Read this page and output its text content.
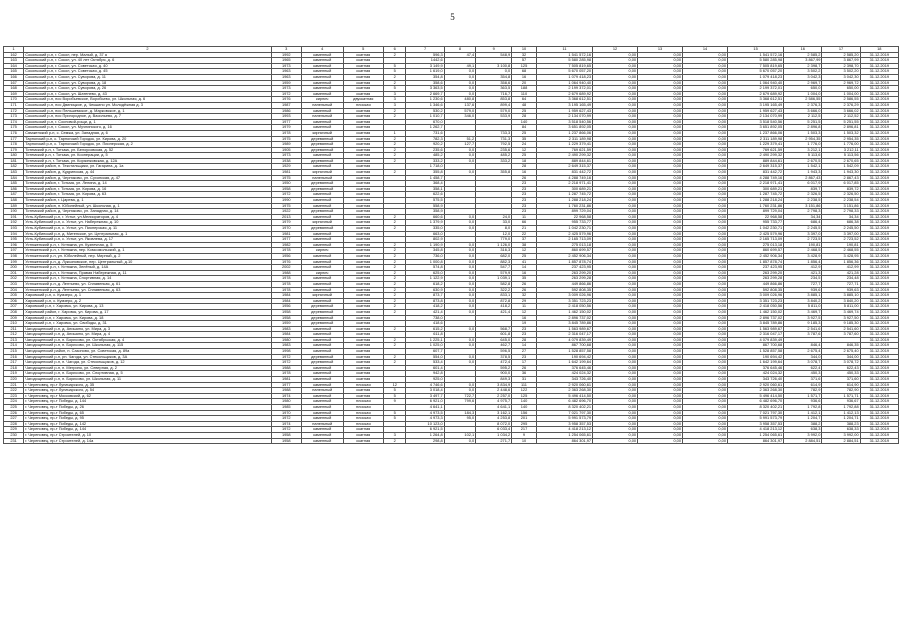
5
1	2	3	4	5	6	7	8	9	10	11	12	13	14	15	16	17	18
162	Сокольский р-н, г. Сокол, пер. Малый, д. 37 а	1992	каменный	скатная	2	596,3	47,4	548,9	32	1 541 572,16	0,00	0,00	0,00	1 541 572,16	2 585,2	2 585,20	31.12.2019
163	Сокольский р-н, г. Сокол, ул. 40 лет Октября, д. 6	1965	каменный	скатная		1442,6			57	5 580 285,98	0,00	0,00	0,00	5 580 285,98	3 867,99	3 867,99	31.12.2019
164	Сокольский р-н, г. Сокол, ул. Советская, д. 40	1973	каменный	скатная	5	3 149,9	49,1	3 100,8	125	7 505 819,65	0,00	0,00	0,00	7 505 819,65	2 398,7	2 398,70	31.12.2019
165	Сокольский р-н, г. Сокол, ул. Советская, д. 45	1963	каменный	скатная	5	1 619,0	0,0	0,0	68	5 670 057,20	0,00	0,00	0,00	5 670 057,20	3 502,2	3 502,20	31.12.2019
166	Сокольский р-н, г. Сокол, ул. Суворова, д. 11	1963	каменный	скатная	2	354,8	0,0	354,8	16	1 079 418,23	0,00	0,00	0,00	1 079 418,23	3 042,3	3 042,30	31.12.2019
167	Сокольский р-н, г. Сокол, ул. Суворова, д. 18	1959	каменный	скатная	2	358,6	0,0	358,6	20	1 064 940,40	0,00	0,00	0,00	1 064 940,40	2 969,7	2 969,72	31.12.2019
168	Сокольский р-н, г. Сокол, ул. Суворова, д. 26	1973	каменный	скатная	5	3 363,5	0,0	363,5	188	2 199 372,01	0,00	0,00	0,00	2 199 372,01	650,0	650,00	31.12.2019
169	Сокольский р-н, г. Сокол, ул. Шатенево, д. 43	1972	каменный	скатная	3	2 669,7	0,0	716,7	110	2 679 689,92	0,00	0,00	0,00	2 679 689,92	1 004,0	1 004,00	31.12.2019
170	Сокольский р-н, пос Воробьевское, Воробьево, ул. Школьная, д. 6	1976	кирпич	двускатная	3	1 230,6	480,8	853,8	64	3 368 612,51	0,00	0,00	0,00	3 368 612,51	2 586,55	2 586,55	31.12.2019
171	Сокольский р-н, пос Двиницкое, д. Чекшино ул. Молодёжная д. 3	1987	панельный	плоская	3	1 346,6	137,6	899,4	48	3 195 165,49	0,00	0,00	0,00	3 195 165,49	2 376,3	2 376,29	31.12.2019
172	Сокольский р-н, пос Пельшемское, д. Марковское, д. 1	1986	каменный	скатная	2	530,2	579,0	579,0	25	1 959 627,43	0,00	0,00	0,00	1 959 627,43	3 666,0	3 666,02	31.12.2019
173	Сокольский р-н, пос Пригородное, д. Васильево, д. 7	1993	панельный	скатная	2	1 010,7	346,0	533,9	28	2 134 070,99	0,00	0,00	0,00	2 134 070,99	2 112,5	2 112,52	31.12.2019
174	Сокольский р-н, г. Сосновой-рощи, д. 1	1977	каменный	скатная		670,0			140	3 518 540,56	0,00	0,00	0,00	3 518 540,56	5 251,5	5 251,55	31.12.2019
175	Сокольский р-н, г. Сокол, ул. Мучнинского, д. 16	1979	каменный	скатная		1 262,7			84	3 651 892,05	0,00	0,00	0,00	3 651 892,05	2 896,8	2 896,81	31.12.2019
176	Сямженский р-н, с. Семжа, ул. Западная, д. 6	1978	кирпичный	скатная	1	731,6		733,3	25	1 237 866,06	0,00	0,00	0,00	1 237 866,06	1 503,3	1 503,32	31.12.2019
177	Тарногский р-н, с. Тарногский Городок, ул. Кирова, д. 20	1975	деревянный	скатная	2	782,3	51,2	731,3	35	2 311 189,98	0,00	0,00	0,00	2 311 189,98	2 954,35	2 954,35	31.12.2019
178	Тарногский р-н, с. Тарногский Городок, ул. Пионерская, д. 2	1989	деревянный	скатная	2	920,2	127,7	792,5	24	1 229 379,41	0,00	0,00	0,00	1 229 379,41	1 776,0	1 776,00	31.12.2019
179	Тотемский р-н, г. Тотьма, ул. Белоусовская, д. 52	1905	деревянный	скатная	2	235,6	0,0	235,6	12	769 621,59	0,00	0,00	0,00	769 621,59	3 212,1	3 212,11	31.12.2019
180	Тотемский р-н, г. Тотьма, ул. Кооперации, д. 5	1973	каменный	скатная	2	485,2	0,0	485,2	25	2 490 299,32	0,00	0,00	0,00	2 490 299,32	5 113,6	5 113,56	31.12.2019
181	Тотемский р-н, г. Тотьма, ул. Корзинковская, д. 12А	1938	деревянный	скатная	2	333,2	0,0	333,2	18	889 844,61	0,00	0,00	0,00	889 844,61	2 670,5	2 670,65	31.12.2019
182	Тотемский район, п. Текстильщики, ул. Гагарина, д. 1а	1929	каменный	скатная		1 718,0			28	2 649 315,37	0,00	0,00	0,00	2 649 315,37	1 542,1	1 542,09	31.12.2019
183	Тотемский район, д. Кудринская, д. 44	1981	кирпичный	скатная	2	355,8	0,0	355,8	16	831 442,72	0,00	0,00	0,00	831 442,72	1 943,3	1 943,30	31.12.2019
184	Тотемский район, д. Черняково, ул. Сухонская, д. 47	1975	панельный	скатная		1 458,7			26	4 288 749,16	0,00	0,00	0,00	4 288 749,16	2 867,43	2 867,43	31.12.2019
185	Тотемский район, г. Тотьма, ул. Ленина, д. 14	1950	деревянный	скатная		368,4			23	2 218 971,41	0,00	0,00	0,00	2 218 971,41	6 017,9	6 017,85	31.12.2019
186	Тотемский район, г. Тотьма, ул. Кирова, д. 16	1958	деревянный	скатная		358,1			23	300 689,21	0,00	0,00	0,00	300 689,21	839,7	839,72	31.12.2019
187	Тотемский район, г. Тотьма, ул. Кирова, д. 63	1972	каменный	скатная		622,6			23	1 287 745,72	0,00	0,00	0,00	1 287 745,72	2 326,5	2 326,50	31.12.2019
188	Тотемский район, г. Царева, д. 1	1990	каменный	скатная		575,5			23	1 288 218,24	0,00	0,00	0,00	1 288 218,24	2 238,5	2 238,54	31.12.2019
189	Тотемский район, п. Юбилейный, ул. Школьная, д. 1	1975	каменный	скатная		558,9			23	1 760 231,86	0,00	0,00	0,00	1 760 231,86	3 151,86	3 151,86	31.12.2019
190	Тотемский район, д. Черняково, ул. Западная, д. 14	1922	деревянный	скатная		358,9			23	899 729,04	0,00	0,00	0,00	899 729,04	2 798,3	2 798,33	31.12.2019
191	Усть-Кубинский р-н, г. Устье, ул.Мелиораторов, д. 4	2013	каменный	скатная	2	660,6	0,0	24,0	11	22 968,58	0,00	0,00	0,00	22 968,58	34,34	34,34	31.12.2019
192	Усть-Кубинский р-н, с. Устье, ул. Набережная, д. 10	1979	кирпичный	скатная	2	1 379,9	0,0	33,0	66	955 733,77	0,00	0,00	0,00	955 733,77	686,4	686,38	31.12.2019
193	Усть-Кубинский р-н, с. Устье, ул. Пионерская, д. 11	1970	деревянный	скатная	2	335,0	0,0	8,0	21	1 042 230,71	0,00	0,00	0,00	1 042 230,71	2 245,5	2 245,50	31.12.2019
194	Усть-Кубинский р-н, д. Митенское, ул. Центральная, д. 1	1981	каменный	скатная		663,0		12,0	22	2 425 579,96	0,00	0,00	0,00	2 425 579,96	3 397,0	3 397,00	31.12.2019
195	Усть-Кубинский р-н, с. Устье, ул. Яковлева, д. 17	1977	каменный	скатная		802,9		779,0	37	2 165 713,09	0,00	0,00	0,00	2 165 713,09	2 723,5	2 723,52	31.12.2019
196	Устюженский р-н, г. Устюжна, ул. Кузнечная, д. 5	1982	каменный	скатная	2	1 190,9	0,0	1 126,0	38	275 013,18	0,00	0,00	0,00	275 013,18	190,81	190,81	31.12.2019
197	Устюженский р-н, г. Устюжна, пер. Комсомольский, д. 1	1978	кирпич	скатная	2	345,8	0,0	316,3	12	860 699,57	0,00	0,00	0,00	860 699,57	2 468,5	2 468,55	31.12.2019
198	Устюженский р-н, ул. Юбилейный, пер. Мирный, д. 2	1956	каменный	скатная	2	736,0	0,0	682,0	25	2 452 906,34	0,00	0,00	0,00	2 452 906,34	3 428,9	3 428,95	31.12.2019
199	Устюженский р-н, д. Лукьяновское, пер. Центральный, д.10	1976	каменный	скатная	2	1 000,8	0,0	882,3	41	1 857 878,74	0,00	0,00	0,00	1 857 878,74	1 856,4	1 856,36	31.12.2019
200	Устюженский р-н, г. Устюжна, Зелёный, д. 14А	2002	каменный	скатная	2	574,8	0,0	547,7	14	237 423,95	0,00	0,00	0,00	237 423,95	412,9	412,99	31.12.2019
201	Устюженский р-н, г. Устюжна, Правая Набережная, д. 11	1988	кирпич	скатная	2	625,0	0,0	579,9	16	263 299,20	0,00	0,00	0,00	263 299,20	421,3	421,28	31.12.2019
202	Устюженский р-н, г. Устюжна, Спортивная, д. 14	1978	каменный	скатная	2	1 122,9	0,0	1 039,1	35	263 299,28	0,00	0,00	0,00	263 299,28	234,5	234,48	31.12.2019
203	Устюженский р-н, д. Лентьево, ул. Сплавенкая, д. 61	1978	каменный	скатная	2	618,2	0,0	582,8	26	449 866,86	0,00	0,00	0,00	449 866,86	727,7	727,71	31.12.2019
204	Устюженский р-н, д. Лентьево, ул. Сплавенкая, д. 63	1978	каменный	скатная	2	630,9	0,0	322,2	26	592 808,35	0,00	0,00	0,00	592 808,35	939,6	939,63	31.12.2019
205	Харовский р-н, с. Кумзеро, д. 1	1984	кирпичный	скатная	2	873,7	0,0	833,1	32	3 009 026,96	0,00	0,00	0,00	3 009 026,96	3 885,1	3 885,10	31.12.2019
206	Харовский р-н, с. Кумзеро, д. 2	1984	каменный	скатная	2	873,8	0,0	872,8	29	3 351 723,23	0,00	0,00	0,00	3 351 723,23	3 840,2	3 840,20	31.12.2019
207	Харовский р-н, г. Харовск, ул. Кирова, д. 13	1956	деревянный	скатная	2	418,2	0,0	418,2	11	2 418 050,56	0,00	0,00	0,00	2 418 050,56	5 811,0	5 811,00	31.12.2019
208	Харовский район, г. Харовск, ул. Кирова, д. 17	1958	деревянный	скатная	2	421,4	0,0	421,4	12	1 462 150,02	0,00	0,00	0,00	1 462 150,02	3 469,7	3 469,74	31.12.2019
209	Харовский р-н, г. Харовск, ул. Кирова, д. 18	1958	деревянный	скатная		738,0			16	2 896 737,02	0,00	0,00	0,00	2 896 737,02	3 927,5	3 927,50	31.12.2019
210	Харовский р-н, г. Харовск, ул. Свободы, д. 31	1959	деревянный	скатная		418,6			19	3 845 789,86	0,00	0,00	0,00	3 845 789,86	9 185,3	9 185,30	31.12.2019
211	Чагодощенский р-н, д. Анишино, ул. Мира, д. 3	1983	каменный	скатная	2	615,2	0,0	568,7	23	1 563 989,67	0,00	0,00	0,00	1 563 989,67	2 541,6	2 541,60	31.12.2019
212	Чагодощенский р-н, д. Анишино, ул. Мира, д. 4	1984	каменный	скатная		611,8		601,8	23	2 316 047,17	0,00	0,00	0,00	2 316 047,17	3 787,6	3 787,60	31.12.2019
213	Чагодощенский р-н, п. Борисово, ул. Октябрьская, д. 4	1980	каменный	скатная	2	1 225,1	0,0	645,0	28	4 079 839,49	0,00	0,00	0,00	4 079 839,49			31.12.2019
214	Чагодощенский р-н, п. Борисово, ул. Школьная, д. 115	1983	каменный	скатная	2	1 025,0	0,0	462,7	14	867 700,68	0,00	0,00	0,00	867 700,68	846,4	846,35	31.12.2019
215	Чагодощенский район, п. Сазоново, ул. Советская, д. 89а	1998	каменный	скатная		607,7		596,5	27	1 528 857,58	0,00	0,00	0,00	1 528 857,58	2 675,4	2 675,40	31.12.2019
216	Чагодощенский р-н, рп. Чагода, ул. Стекольщиков, д. 3А	1972	деревянный	скатная	2	554,0	0,0	378,5	23	190 694,42	0,00	0,00	0,00	190 694,42	344,0	344,00	31.12.2019
217	Чагодощенский р-н, п. Чагода, ул. Стекольщиков, д. 12	1972	деревянный	скатная	2	533,4	0,0	472,4	17	1 642 199,64	0,00	0,00	0,00	1 642 199,64	3 078,7	3 078,72	31.12.2019
218	Чагодощенский р-н, п. Мегрино, ул. Северная, д. 2	1988	каменный	скатная		601,4		595,2	26	376 645,46	0,00	0,00	0,00	376 645,46	622,4	622,43	31.12.2019
219	Чагодощенский р-н, п. Борисово, ул. Спортивная, д. 5	1978	каменный	скатная		942,8		900,0	36	424 024,32	0,00	0,00	0,00	424 024,32	450,3	450,33	31.12.2019
220	Чагодощенский р-н, п. Борисово, ул. Школьная, д. 11	1981	каменный	скатная		925,0		849,3	31	343 726,40	0,00	0,00	0,00	343 726,40	371,6	371,60	31.12.2019
221	г. Череповец, пр-т Луначарского, д. 35	1977	каменный	плоская	12	4 746,6	0,0	3 834,9	111	2 920 060,61	0,00	0,00	0,00	2 920 060,61	614,9	614,90	31.12.2019
222	г. Череповец, пр-т Луначарского, д. 54	1988	панельный	скатная	5	3 018,4	0,0	2 448,6	122	2 363 268,30	0,00	0,00	0,00	2 363 268,30	782,9	782,90	31.12.2019
223	г. Череповец, пр-т Московский, д. 62	1974	каменный	скатная	5	3 497,7	722,7	2 257,0	125	5 496 414,50	0,00	0,00	0,00	5 496 414,50	1 571,7	1 571,71	31.12.2019
224	г. Череповец, пр-т Победы, д. 144	1980	каменный	плоская	9	6 921,0	799,6	4 975,7	140	6 482 696,70	0,00	0,00	0,00	6 482 696,70	936,6	936,67	31.12.2019
225	г. Череповец, пр-т Победы, д. 26	1985	каменный	плоская		4 641,1		4 641,1	140	8 320 402,21	0,00	0,00	0,00	8 320 402,21	1 792,8	1 792,88	31.12.2019
226	г. Череповец, пр-т Победы, д. 65	1970	каменный	плоская	5	4 973,5	184,3	3 162,1	156	7 021 797,30	0,00	0,00	0,00	7 021 797,30	1 412,1	1 412,13	31.12.2019
227	г. Череповец, пр-т Победы, д. 95	1972	каменный	плоская	5	4 973,3	95,0	4 253,8	201	5 991 573,79	0,00	0,00	0,00	5 991 573,79	1 204,7	1 204,71	31.12.2019
228	г. Череповец, пр-т Победы, д. 142	1974	панельный	плоская		10 123,0		8 072,0	295	3 958 357,53	0,00	0,00	0,00	3 958 357,53	388,2	388,23	31.12.2019
229	г. Череповец, пр-т Победы, д. 144	1972	каменный	скатная		6 921,5		6 033,4	217	4 418 213,12	0,00	0,00	0,00	4 418 213,12	638,3	638,33	31.12.2019
230	г. Череповец, пр-т Строителей, д. 10	1958	каменный	скатная	3	1 264,8	102,1	1 034,2	9	1 254 065,61	0,00	0,00	0,00	1 254 065,61	3 992,0	3 992,00	31.12.2019
231	г. Череповец, пр-т Строителей, д. 14а	1958	каменный	скатная	2	298,8	0,0	271,7	10	864 301,97	0,00	0,00	0,00	864 301,97	2 884,51	2 884,51	31.12.2019
